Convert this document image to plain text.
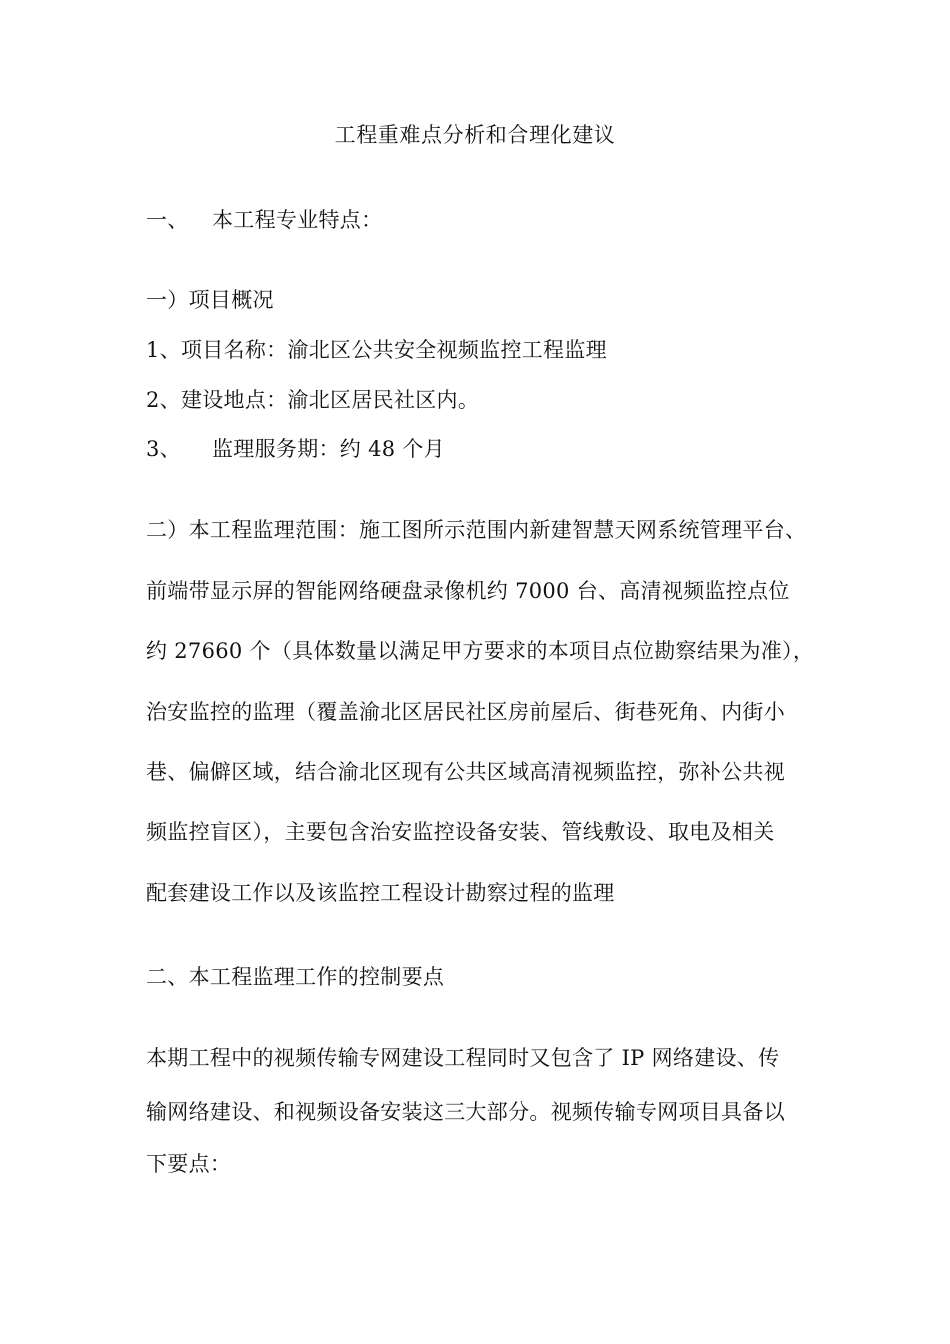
工程重难点分析和合理化建议
一、 本工程专业特点：
一）项目概况
1、项目名称：渝北区公共安全视频监控工程监理
2、建设地点：渝北区居民社区内。
3、 监理服务期：约 48 个月
二）本工程监理范围：施工图所示范围内新建智慧天网系统管理平台、
前端带显示屏的智能网络硬盘录像机约 7000 台、高清视频监控点位
约 27660 个（具体数量以满足甲方要求的本项目点位勘察结果为准），
治安监控的监理（覆盖渝北区居民社区房前屋后、街巷死角、内街小
巷、偏僻区域，结合渝北区现有公共区域高清视频监控，弥补公共视
频监控盲区），主要包含治安监控设备安装、管线敷设、取电及相关
配套建设工作以及该监控工程设计勘察过程的监理
二、本工程监理工作的控制要点
本期工程中的视频传输专网建设工程同时又包含了 IP 网络建设、传
输网络建设、和视频设备安装这三大部分。视频传输专网项目具备以
下要点：
